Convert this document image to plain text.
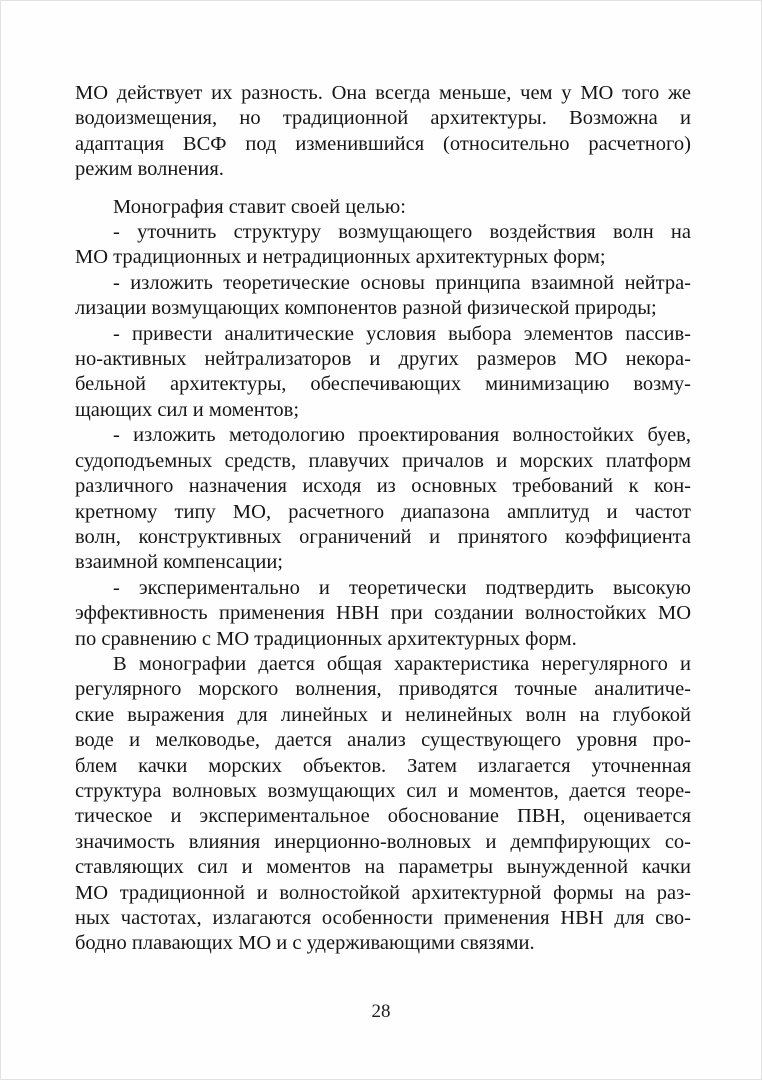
МО действует их разность. Она всегда меньше, чем у МО того же
водоизмещения, но традиционной архитектуры. Возможна и
адаптация ВСФ под изменившийся (относительно расчетного)
режим волнения.
Монография ставит своей целью:
- уточнить структуру возмущающего воздействия волн на
МО традиционных и нетрадиционных архитектурных форм;
- изложить теоретические основы принципа взаимной нейтра-
лизации возмущающих компонентов разной физической природы;
- привести аналитические условия выбора элементов пассив-
но-активных нейтрализаторов и других размеров МО некора-
бельной архитектуры, обеспечивающих минимизацию возму-
щающих сил и моментов;
- изложить методологию проектирования волностойких буев,
судоподъемных средств, плавучих причалов и морских платформ
различного назначения исходя из основных требований к кон-
кретному типу МО, расчетного диапазона амплитуд и частот
волн, конструктивных ограничений и принятого коэффициента
взаимной компенсации;
- экспериментально и теоретически подтвердить высокую
эффективность применения НВН при создании волностойких МО
по сравнению с МО традиционных архитектурных форм.
В монографии дается общая характеристика нерегулярного и
регулярного морского волнения, приводятся точные аналитиче-
ские выражения для линейных и нелинейных волн на глубокой
воде и мелководье, дается анализ существующего уровня про-
блем качки морских объектов. Затем излагается уточненная
структура волновых возмущающих сил и моментов, дается теоре-
тическое и экспериментальное обоснование ПВН, оценивается
значимость влияния инерционно-волновых и демпфирующих со-
ставляющих сил и моментов на параметры вынужденной качки
МО традиционной и волностойкой архитектурной формы на раз-
ных частотах, излагаются особенности применения НВН для сво-
бодно плавающих МО и с удерживающими связями.
28
